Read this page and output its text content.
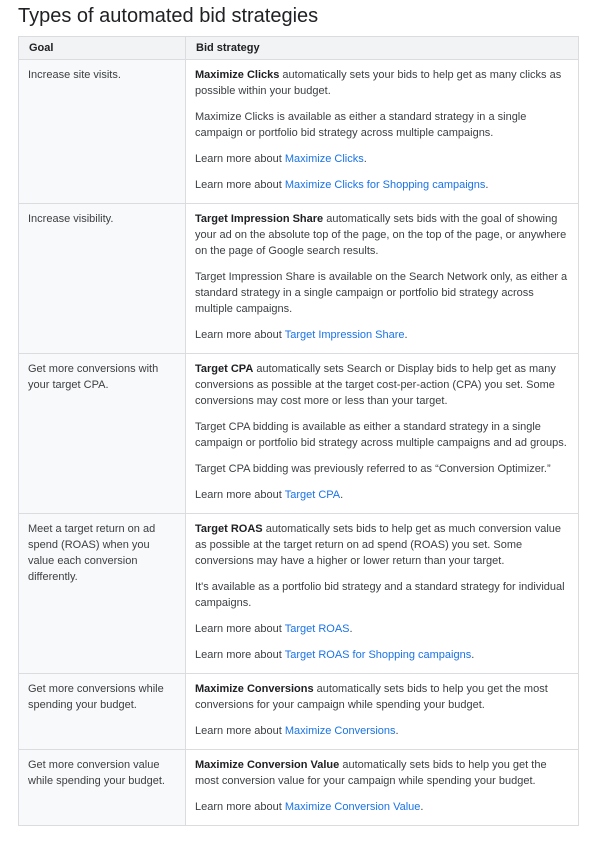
Types of automated bid strategies
Goal	Bid strategy
Increase site visits.	Maximize Clicks automatically sets your bids to help get as many clicks as possible within your budget.

Maximize Clicks is available as either a standard strategy in a single campaign or portfolio bid strategy across multiple campaigns.

Learn more about Maximize Clicks.

Learn more about Maximize Clicks for Shopping campaigns.

Increase visibility.	Target Impression Share automatically sets bids with the goal of showing your ad on the absolute top of the page, on the top of the page, or anywhere on the page of Google search results.

Target Impression Share is available on the Search Network only, as either a standard strategy in a single campaign or portfolio bid strategy across multiple campaigns.

Learn more about Target Impression Share.

Get more conversions with your target CPA.	Target CPA automatically sets Search or Display bids to help get as many conversions as possible at the target cost-per-action (CPA) you set. Some conversions may cost more or less than your target.

Target CPA bidding is available as either a standard strategy in a single campaign or portfolio bid strategy across multiple campaigns and ad groups.

Target CPA bidding was previously referred to as “Conversion Optimizer.”

Learn more about Target CPA.

Meet a target return on ad spend (ROAS) when you value each conversion differently.	Target ROAS automatically sets bids to help get as much conversion value as possible at the target return on ad spend (ROAS) you set. Some conversions may have a higher or lower return than your target.

It's available as a portfolio bid strategy and a standard strategy for individual campaigns.

Learn more about Target ROAS.

Learn more about Target ROAS for Shopping campaigns.

Get more conversions while spending your budget.	Maximize Conversions automatically sets bids to help you get the most conversions for your campaign while spending your budget.

Learn more about Maximize Conversions.

Get more conversion value while spending your budget.	Maximize Conversion Value automatically sets bids to help you get the most conversion value for your campaign while spending your budget.

Learn more about Maximize Conversion Value.
